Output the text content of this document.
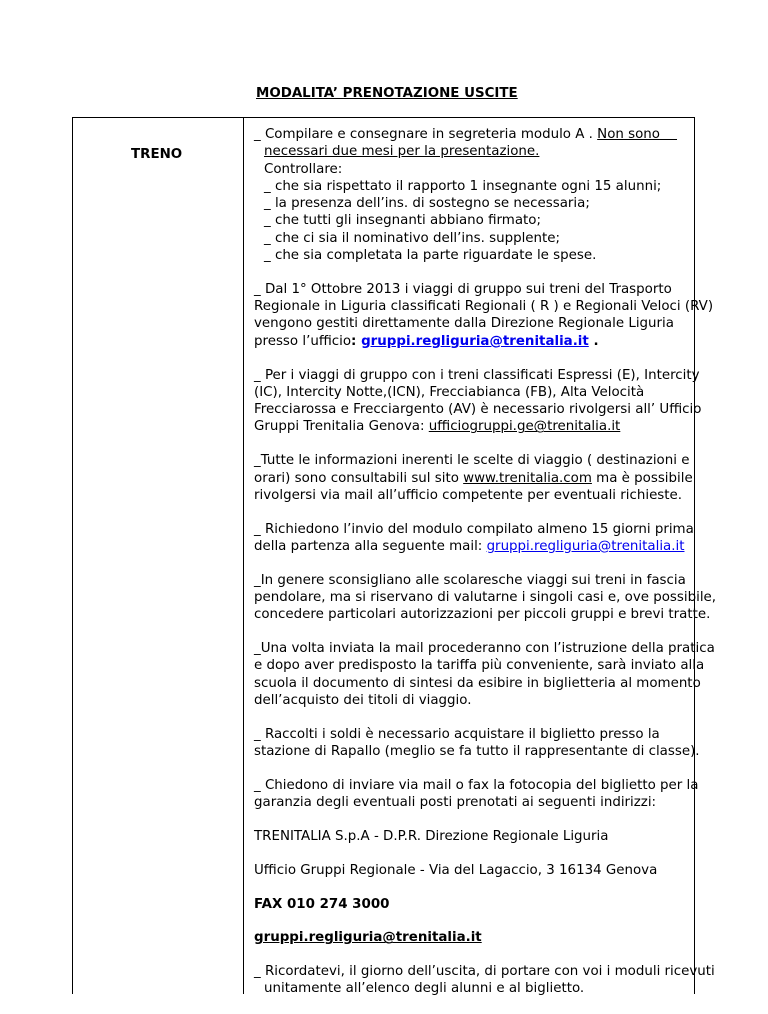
MODALITA’ PRENOTAZIONE USCITE
TRENO

_ Compilare e consegnare in segreteria modulo A . Non sono
necessari due mesi per la presentazione.
Controllare:
_ che sia rispettato il rapporto 1 insegnante ogni 15 alunni;
_ la presenza dell’ins. di sostegno se necessaria;
_ che tutti gli insegnanti abbiano firmato;
_ che ci sia il nominativo dell’ins. supplente;
_ che sia completata la parte riguardate le spese.

_ Dal 1° Ottobre 2013 i viaggi di gruppo sui treni del Trasporto
Regionale in Liguria classificati Regionali ( R ) e Regionali Veloci (RV)
vengono gestiti direttamente dalla Direzione Regionale Liguria
presso l’ufficio: gruppi.regliguria@trenitalia.it .

_ Per i viaggi di gruppo con i treni classificati Espressi (E), Intercity
(IC), Intercity Notte,(ICN), Frecciabianca (FB), Alta Velocità
Frecciarossa e Frecciargento (AV) è necessario rivolgersi all’ Ufficio
Gruppi Trenitalia Genova: ufficiogruppi.ge@trenitalia.it

_Tutte le informazioni inerenti le scelte di viaggio ( destinazioni e
orari) sono consultabili sul sito www.trenitalia.com ma è possibile
rivolgersi via mail all’ufficio competente per eventuali richieste.

_ Richiedono l’invio del modulo compilato almeno 15 giorni prima
della partenza alla seguente mail: gruppi.regliguria@trenitalia.it

_In genere sconsigliano alle scolaresche viaggi sui treni in fascia
pendolare, ma si riservano di valutarne i singoli casi e, ove possibile,
concedere particolari autorizzazioni per piccoli gruppi e brevi tratte.

_Una volta inviata la mail procederanno con l’istruzione della pratica
e dopo aver predisposto la tariffa più conveniente, sarà inviato alla
scuola il documento di sintesi da esibire in biglietteria al momento
dell’acquisto dei titoli di viaggio.

_ Raccolti i soldi è necessario acquistare il biglietto presso la
stazione di Rapallo (meglio se fa tutto il rappresentante di classe).

_ Chiedono di inviare via mail o fax la fotocopia del biglietto per la
garanzia degli eventuali posti prenotati ai seguenti indirizzi:

TRENITALIA S.p.A - D.P.R. Direzione Regionale Liguria

Ufficio Gruppi Regionale - Via del Lagaccio, 3 16134 Genova

FAX 010 274 3000

gruppi.regliguria@trenitalia.it

_ Ricordatevi, il giorno dell’uscita, di portare con voi i moduli ricevuti
unitamente all’elenco degli alunni e al biglietto.
